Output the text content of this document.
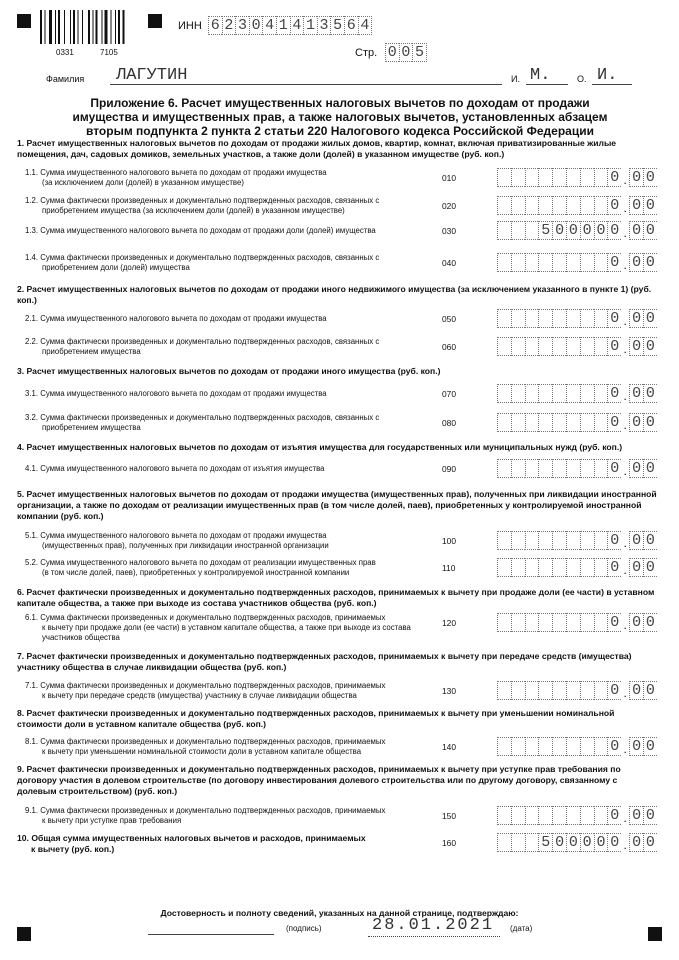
0331	7105
ИНН 6 2 3 0 4 1 4 1 3 5 6 4
Стр. 0 0 5
Фамилия ЛАГУТИН	И. М.	О. И.
Приложение 6. Расчет имущественных налоговых вычетов по доходам от продажи имущества и имущественных прав, а также налоговых вычетов, установленных абзацем вторым подпункта 2 пункта 2 статьи 220 Налогового кодекса Российской Федерации
1. Расчет имущественных налоговых вычетов по доходам от продажи жилых домов, квартир, комнат, включая приватизированные жилые помещения, дач, садовых домиков, земельных участков, а также доли (долей) в указанном имуществе (руб. коп.)
1.1. Сумма имущественного налогового вычета по доходам от продажи имущества
(за исключением доли (долей) в указанном имуществе)	010	0 . 0 0
1.2. Сумма фактически произведенных и документально подтвержденных расходов, связанных с
приобретением имущества (за исключением доли (долей) в указанном имуществе)	020	0 . 0 0
1.3. Сумма имущественного налогового вычета по доходам от продажи доли (долей) имущества	030	5 0 0 0 0 0 . 0 0
1.4. Сумма фактически произведенных и документально подтвержденных расходов, связанных с
приобретением доли (долей) имущества	040	0 . 0 0
2. Расчет имущественных налоговых вычетов по доходам от продажи иного недвижимого имущества (за исключением указанного в пункте 1) (руб. коп.)
2.1. Сумма имущественного налогового вычета по доходам от продажи имущества	050	0 . 0 0
2.2. Сумма фактически произведенных и документально подтвержденных расходов, связанных с
приобретением имущества	060	0 . 0 0
3. Расчет имущественных налоговых вычетов по доходам от продажи иного имущества (руб. коп.)
3.1. Сумма имущественного налогового вычета по доходам от продажи имущества	070	0 . 0 0
3.2. Сумма фактически произведенных и документально подтвержденных расходов, связанных с
приобретением имущества	080	0 . 0 0
4. Расчет имущественных налоговых вычетов по доходам от изъятия имущества для государственных или муниципальных нужд (руб. коп.)
4.1. Сумма имущественного налогового вычета по доходам от изъятия имущества	090	0 . 0 0
5. Расчет имущественных налоговых вычетов по доходам от продажи имущества (имущественных прав), полученных при ликвидации иностранной организации, а также по доходам от реализации имущественных прав (в том числе долей, паев), приобретенных у контролируемой иностранной компании (руб. коп.)
5.1. Сумма имущественного налогового вычета по доходам от продажи имущества
(имущественных прав), полученных при ликвидации иностранной организации	100	0 . 0 0
5.2. Сумма имущественного налогового вычета по доходам от реализации имущественных прав
(в том числе долей, паев), приобретенных у контролируемой иностранной компании	110	0 . 0 0
6. Расчет фактически произведенных и документально подтвержденных расходов, принимаемых к вычету при продаже доли (ее части) в уставном капитале общества, а также при выходе из состава участников общества (руб. коп.)
6.1. Сумма фактически произведенных и документально подтвержденных расходов, принимаемых
к вычету при продаже доли (ее части) в уставном капитале общества, а также при выходе из состава участников общества
120	0 . 0 0
7. Расчет фактически произведенных и документально подтвержденных расходов, принимаемых к вычету при передаче средств (имущества) участнику общества в случае ликвидации общества (руб. коп.)
7.1. Сумма фактически произведенных и документально подтвержденных расходов, принимаемых
к вычету при передаче средств (имущества) участнику в случае ликвидации общества	130	0 . 0 0
8. Расчет фактически произведенных и документально подтвержденных расходов, принимаемых к вычету при уменьшении номинальной стоимости доли в уставном капитале общества (руб. коп.)
8.1. Сумма фактически произведенных и документально подтвержденных расходов, принимаемых
к вычету при уменьшении номинальной стоимости доли в уставном капитале общества	140	0 . 0 0
9. Расчет фактически произведенных и документально подтвержденных расходов, принимаемых к вычету при уступке прав требования по договору участия в долевом строительстве (по договору инвестирования долевого строительства или по другому договору, связанному с долевым строительством) (руб. коп.)
9.1. Сумма фактически произведенных и документально подтвержденных расходов, принимаемых
к вычету при уступке прав требования	150	0 . 0 0
10. Общая сумма имущественных налоговых вычетов и расходов, принимаемых
к вычету (руб. коп.)
160	5 0 0 0 0 0 . 0 0
Достоверность и полноту сведений, указанных на данной странице, подтверждаю:
(подпись)	28.01.2021 (дата)
